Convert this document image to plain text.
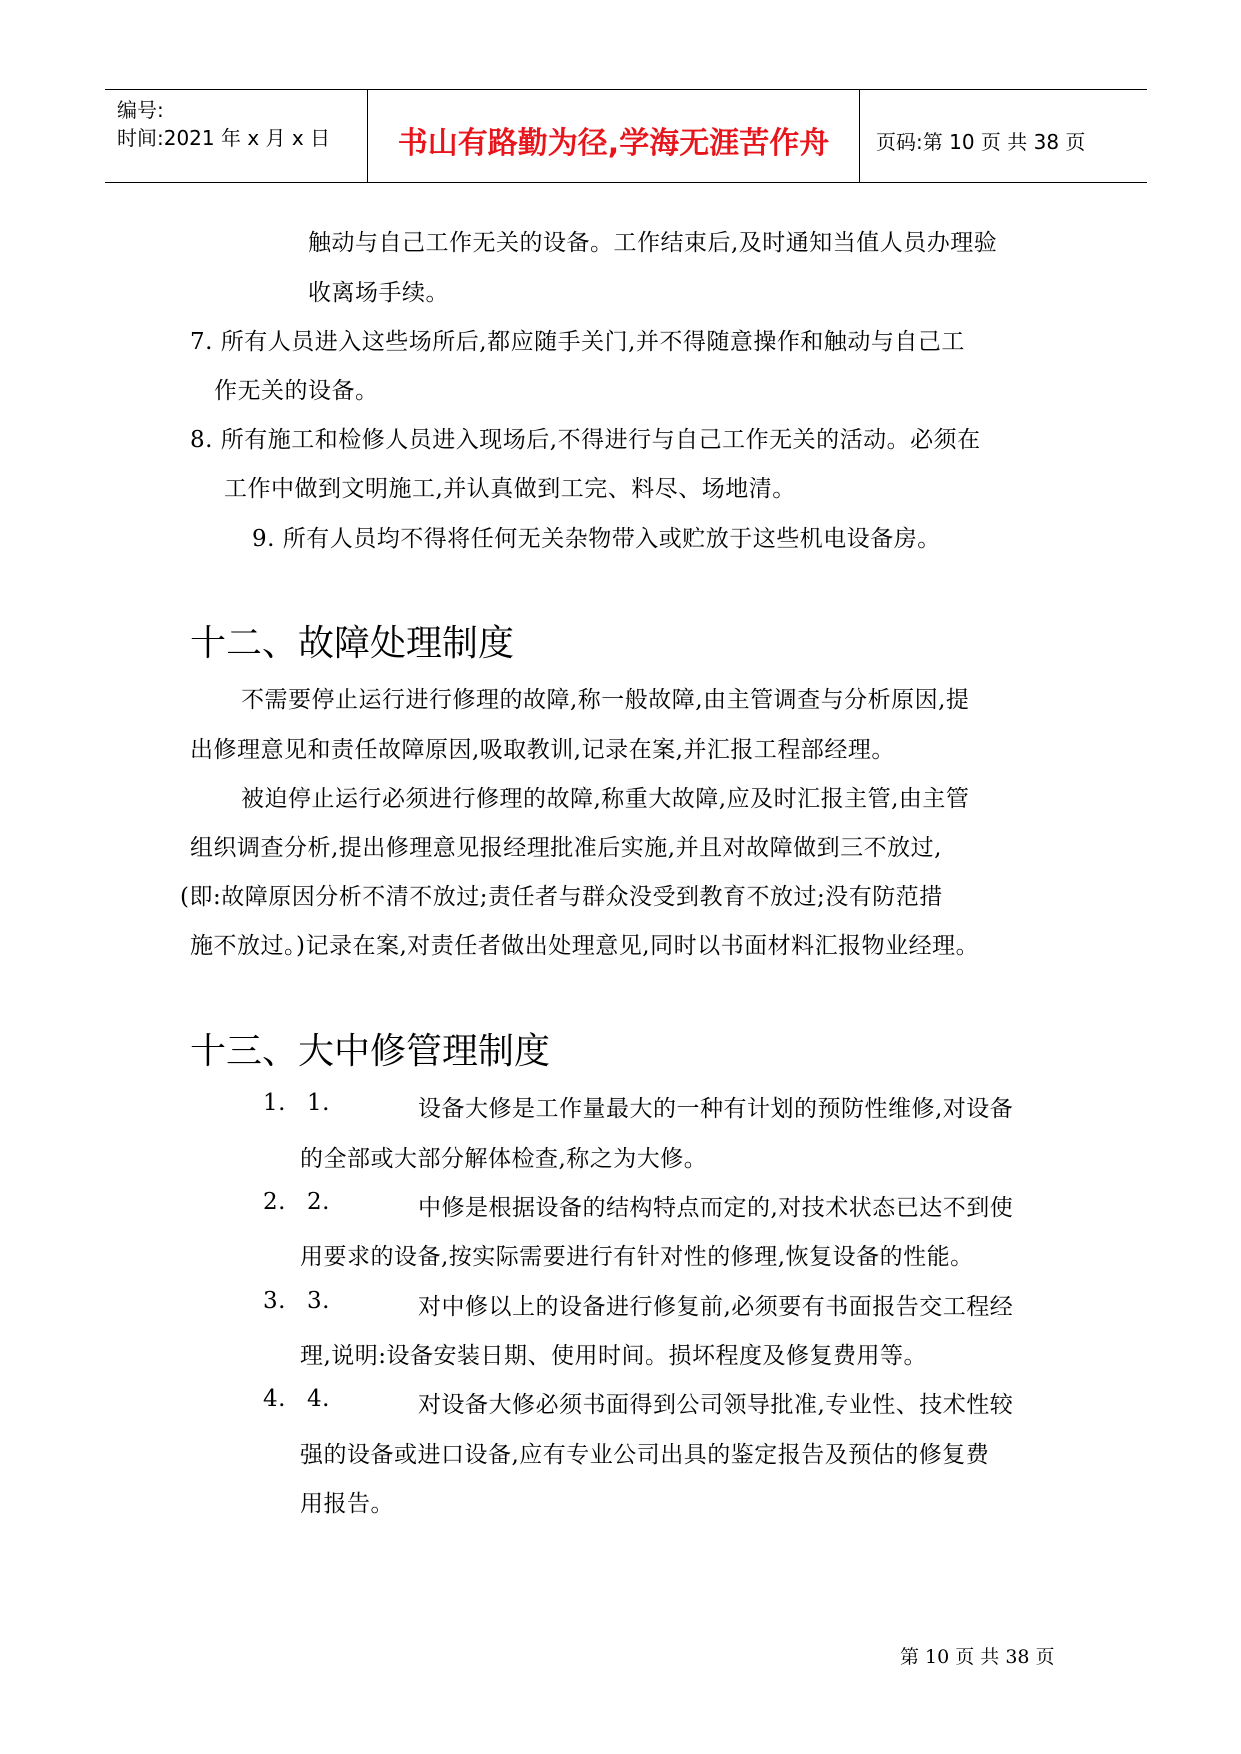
编号:
时间:2021 年 x 月 x 日	书山有路勤为径,学海无涯苦作舟	页码:第 10 页 共 38 页
触动与自己工作无关的设备。工作结束后,及时通知当值人员办理验
收离场手续。
7. 所有人员进入这些场所后,都应随手关门,并不得随意操作和触动与自己工
作无关的设备。
8. 所有施工和检修人员进入现场后,不得进行与自己工作无关的活动。必须在
工作中做到文明施工,并认真做到工完、料尽、场地清。
9. 所有人员均不得将任何无关杂物带入或贮放于这些机电设备房。
十二、故障处理制度
不需要停止运行进行修理的故障,称一般故障,由主管调查与分析原因,提
出修理意见和责任故障原因,吸取教训,记录在案,并汇报工程部经理。
被迫停止运行必须进行修理的故障,称重大故障,应及时汇报主管,由主管
组织调查分析,提出修理意见报经理批准后实施,并且对故障做到三不放过,
(即:故障原因分析不清不放过;责任者与群众没受到教育不放过;没有防范措
施不放过。)记录在案,对责任者做出处理意见,同时以书面材料汇报物业经理。
十三、大中修管理制度
1. 1.	设备大修是工作量最大的一种有计划的预防性维修,对设备
的全部或大部分解体检查,称之为大修。
2. 2.	中修是根据设备的结构特点而定的,对技术状态已达不到使
用要求的设备,按实际需要进行有针对性的修理,恢复设备的性能。
3. 3.	对中修以上的设备进行修复前,必须要有书面报告交工程经
理,说明:设备安装日期、使用时间。损坏程度及修复费用等。
4. 4.	对设备大修必须书面得到公司领导批准,专业性、技术性较
强的设备或进口设备,应有专业公司出具的鉴定报告及预估的修复费
用报告。
第 10 页 共 38 页
